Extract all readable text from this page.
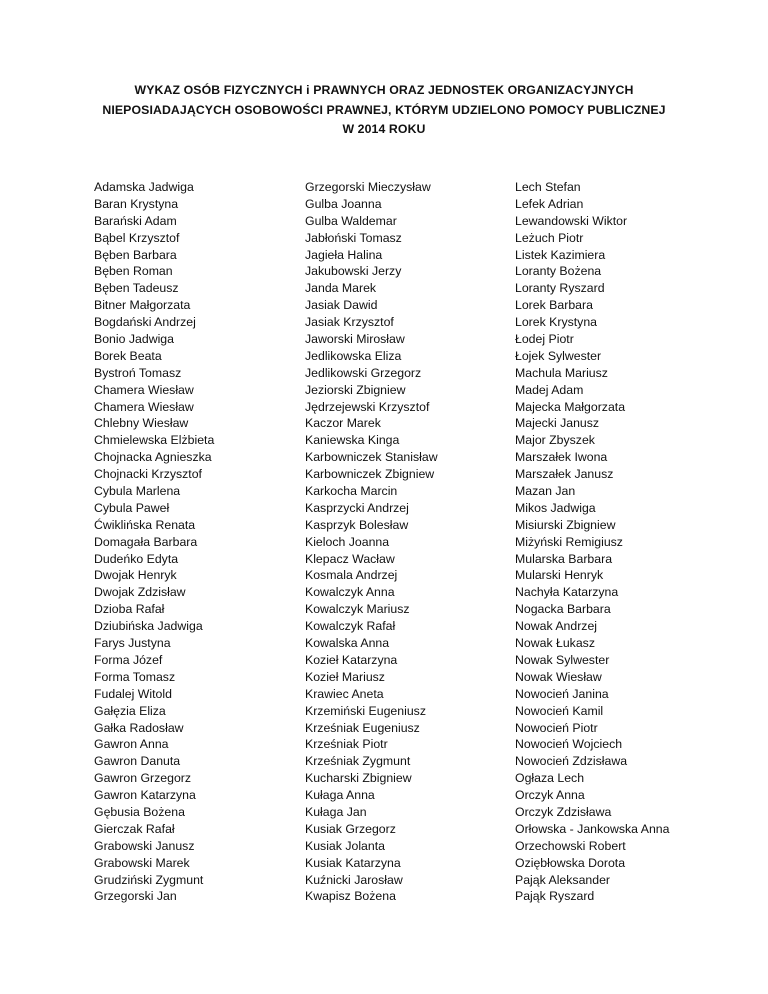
WYKAZ OSÓB FIZYCZNYCH i PRAWNYCH ORAZ JEDNOSTEK ORGANIZACYJNYCH
NIEPOSIADAJĄCYCH OSOBOWOŚCI PRAWNEJ, KTÓRYM UDZIELONO POMOCY PUBLICZNEJ
W 2014 ROKU
Adamska Jadwiga
Baran Krystyna
Barański Adam
Bąbel Krzysztof
Bęben Barbara
Bęben Roman
Bęben Tadeusz
Bitner Małgorzata
Bogdański Andrzej
Bonio Jadwiga
Borek Beata
Bystroń Tomasz
Chamera Wiesław
Chamera Wiesław
Chlebny Wiesław
Chmielewska Elżbieta
Chojnacka Agnieszka
Chojnacki Krzysztof
Cybula Marlena
Cybula Paweł
Ćwiklińska Renata
Domagała Barbara
Dudeńko Edyta
Dwojak Henryk
Dwojak Zdzisław
Dzioba Rafał
Dziubińska Jadwiga
Farys Justyna
Forma Józef
Forma Tomasz
Fudalej Witold
Gałęzia Eliza
Gałka Radosław
Gawron Anna
Gawron Danuta
Gawron Grzegorz
Gawron Katarzyna
Gębusia Bożena
Gierczak Rafał
Grabowski Janusz
Grabowski Marek
Grudziński Zygmunt
Grzegorski Jan
Grzegorski Mieczysław
Gulba Joanna
Gulba Waldemar
Jabłoński Tomasz
Jagieła Halina
Jakubowski Jerzy
Janda Marek
Jasiak Dawid
Jasiak Krzysztof
Jaworski Mirosław
Jedlikowska Eliza
Jedlikowski Grzegorz
Jeziorski Zbigniew
Jędrzejewski Krzysztof
Kaczor Marek
Kaniewska Kinga
Karbowniczek Stanisław
Karbowniczek Zbigniew
Karkocha Marcin
Kasprzycki Andrzej
Kasprzyk Bolesław
Kieloch Joanna
Klepacz Wacław
Kosmala Andrzej
Kowalczyk Anna
Kowalczyk Mariusz
Kowalczyk Rafał
Kowalska Anna
Kozieł Katarzyna
Kozieł Mariusz
Krawiec Aneta
Krzemiński Eugeniusz
Krześniak Eugeniusz
Krześniak Piotr
Krześniak Zygmunt
Kucharski Zbigniew
Kułaga Anna
Kułaga Jan
Kusiak Grzegorz
Kusiak Jolanta
Kusiak Katarzyna
Kuźnicki Jarosław
Kwapisz Bożena
Lech Stefan
Lefek Adrian
Lewandowski Wiktor
Leżuch Piotr
Listek Kazimiera
Loranty Bożena
Loranty Ryszard
Lorek Barbara
Lorek Krystyna
Łodej Piotr
Łojek Sylwester
Machula Mariusz
Madej Adam
Majecka Małgorzata
Majecki Janusz
Major Zbyszek
Marszałek Iwona
Marszałek Janusz
Mazan Jan
Mikos Jadwiga
Misiurski Zbigniew
Miżyński Remigiusz
Mularska Barbara
Mularski Henryk
Nachyła Katarzyna
Nogacka Barbara
Nowak Andrzej
Nowak Łukasz
Nowak Sylwester
Nowak Wiesław
Nowocień Janina
Nowocień Kamil
Nowocień Piotr
Nowocień Wojciech
Nowocień Zdzisława
Ogłaza Lech
Orczyk Anna
Orczyk Zdzisława
Orłowska - Jankowska Anna
Orzechowski Robert
Oziębłowska Dorota
Pająk Aleksander
Pająk Ryszard
